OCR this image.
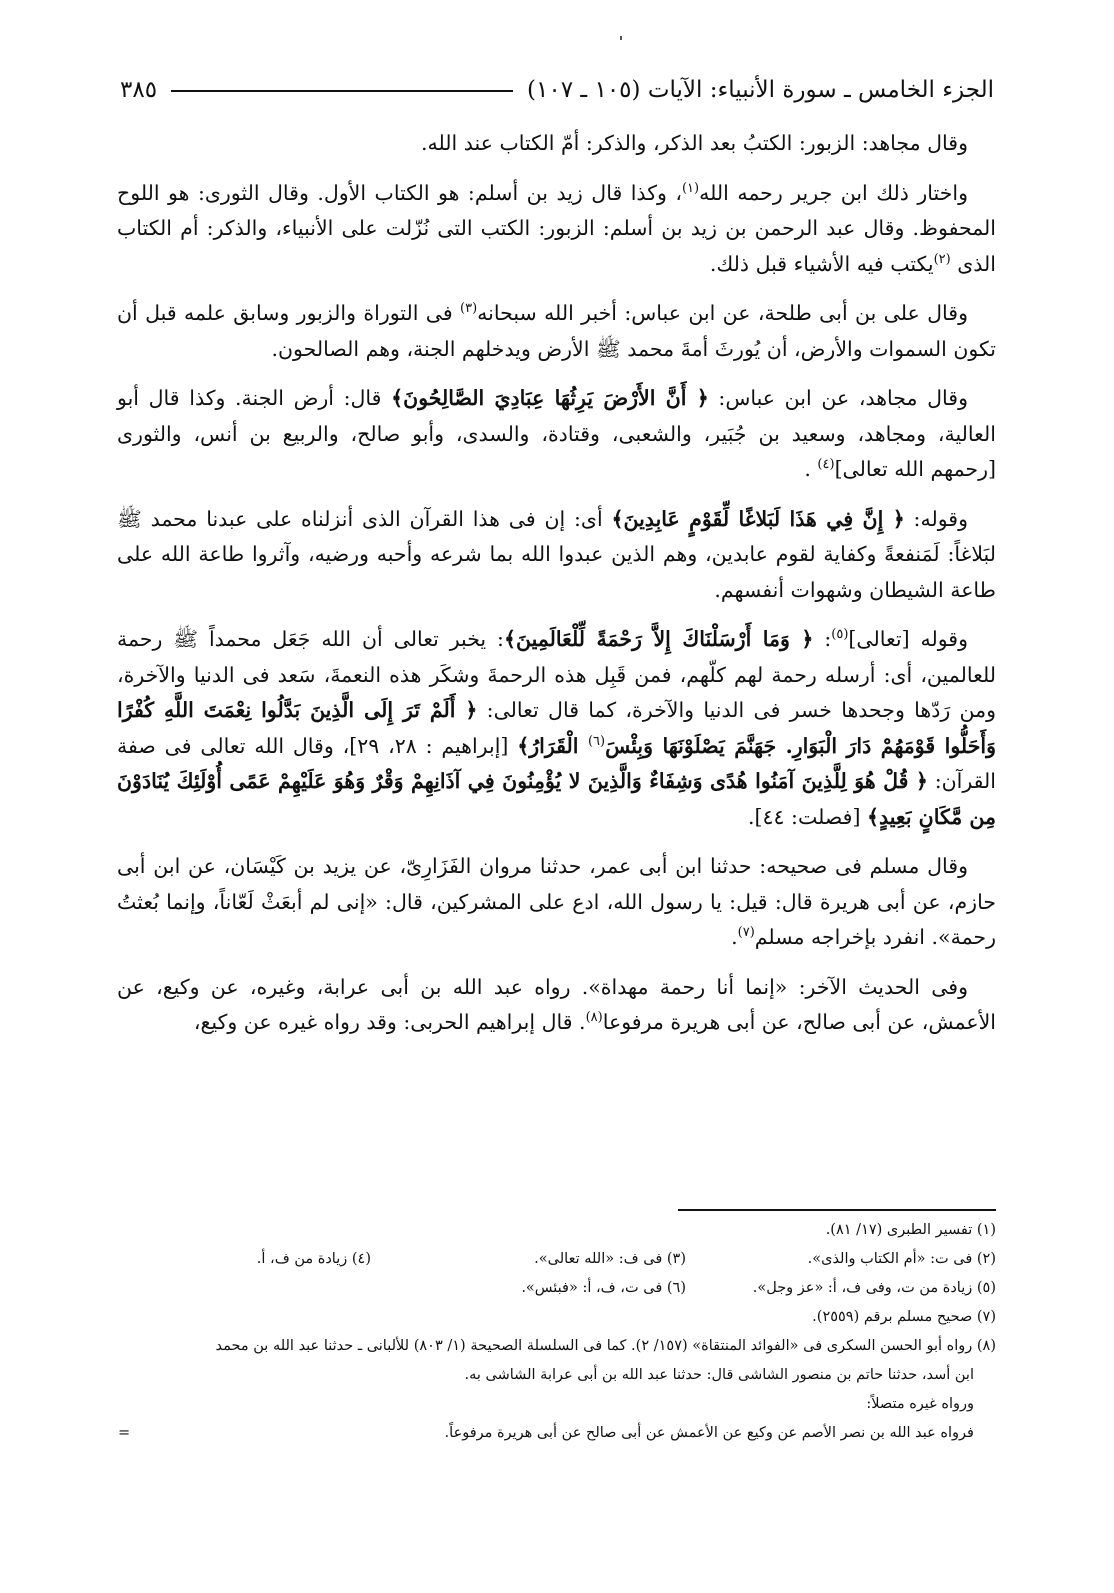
الجزء الخامس ـ سورة الأنبياء: الآيات (١٠٥ ـ ١٠٧)
٣٨٥

وقال مجاهد: الزبور: الكتبُ بعد الذكر، والذكر: أمّ الكتاب عند الله.

واختار ذلك ابن جرير رحمه الله$^{(١)}$، وكذا قال زيد بن أسلم: هو الكتاب الأول. وقال الثورى: هو اللوح المحفوظ. وقال عبد الرحمن بن زيد بن أسلم: الزبور: الكتب التى نُزّلت على الأنبياء، والذكر: أم الكتاب الذى $^{(٢)}$يكتب فيه الأشياء قبل ذلك.

وقال على بن أبى طلحة، عن ابن عباس: أخبر الله سبحانه$^{(٣)}$ فى التوراة والزبور وسابق علمه قبل أن تكون السموات والأرض، أن يُورثَ أمةَ محمد ﷺ الأرض ويدخلهم الجنة، وهم الصالحون.

وقال مجاهد، عن ابن عباس: ﴿ أَنَّ الأَرْضَ يَرِثُهَا عِبَادِيَ الصَّالِحُونَ﴾ قال: أرض الجنة. وكذا قال أبو العالية، ومجاهد، وسعيد بن جُبَير، والشعبى، وقتادة، والسدى، وأبو صالح، والربيع بن أنس، والثورى [رحمهم الله تعالى]$^{(٤)}$ .

وقوله: ﴿ إِنَّ فِي هَذَا لَبَلاغًا لِّقَوْمٍ عَابِدِينَ﴾ أى: إن فى هذا القرآن الذى أنزلناه على عبدنا محمد ﷺ لبَلاغاً: لَمَنفعةً وكفاية لقوم عابدين، وهم الذين عبدوا الله بما شرعه وأحبه ورضيه، وآثروا طاعة الله على طاعة الشيطان وشهوات أنفسهم.

وقوله [تعالى]$^{(٥)}$: ﴿ وَمَا أَرْسَلْنَاكَ إِلاَّ رَحْمَةً لِّلْعَالَمِينَ﴾: يخبر تعالى أن الله جَعَل محمداً ﷺ رحمة للعالمين، أى: أرسله رحمة لهم كلّهم، فمن قَبِل هذه الرحمةَ وشكَر هذه النعمةَ، سَعد فى الدنيا والآخرة، ومن رَدّها وجحدها خسر فى الدنيا والآخرة، كما قال تعالى: ﴿ أَلَمْ تَرَ إِلَى الَّذِينَ بَدَّلُوا نِعْمَتَ اللَّهِ كُفْرًا وَأَحَلُّوا قَوْمَهُمْ دَارَ الْبَوَارِ. جَهَنَّمَ يَصْلَوْنَهَا وَبِئْسَ$^{(٦)}$ الْقَرَارُ﴾ [إبراهيم : ٢٨، ٢٩]، وقال الله تعالى فى صفة القرآن: ﴿ قُلْ هُوَ لِلَّذِينَ آمَنُوا هُدًى وَشِفَاءٌ وَالَّذِينَ لا يُؤْمِنُونَ فِي آذَانِهِمْ وَقْرٌ وَهُوَ عَلَيْهِمْ عَمًى أُوْلَئِكَ يُنَادَوْنَ مِن مَّكَانٍ بَعِيدٍ﴾ [فصلت: ٤٤].

وقال مسلم فى صحيحه: حدثنا ابن أبى عمر، حدثنا مروان الفَزَارِىّ، عن يزيد بن كَيْسَان، عن ابن أبى حازم، عن أبى هريرة قال: قيل: يا رسول الله، ادع على المشركين، قال: «إنى لم أبعَثْ لَعّاناً، وإنما بُعثتُ رحمة». انفرد بإخراجه مسلم$^{(٧)}$.

وفى الحديث الآخر: «إنما أنا رحمة مهداة». رواه عبد الله بن أبى عرابة، وغيره، عن وكيع، عن الأعمش، عن أبى صالح، عن أبى هريرة مرفوعا$^{(٨)}$. قال إبراهيم الحربى: وقد رواه غيره عن وكيع،

(١) تفسير الطبرى (١٧/ ٨١).
(٢) فى ت: «أم الكتاب والذى».
(٣) فى ف: «الله تعالى».
(٤) زيادة من ف، أ.
(٥) زيادة من ت، وفى ف، أ: «عز وجل».
(٦) فى ت، ف، أ: «فبئس».
(٧) صحيح مسلم برقم (٢٥٥٩).
(٨) رواه أبو الحسن السكرى فى «الفوائد المنتقاة» (١٥٧/ ٢). كما فى السلسلة الصحيحة (١/ ٨٠٣) للألبانى ـ حدثنا عبد الله بن محمد
ابن أسد، حدثنا حاتم بن منصور الشاشى قال: حدثنا عبد الله بن أبى عرابة الشاشى به.
ورواه غيره متصلاً:
فرواه عبد الله بن نصر الأصم عن وكيع عن الأعمش عن أبى صالح عن أبى هريرة مرفوعاً.
=
